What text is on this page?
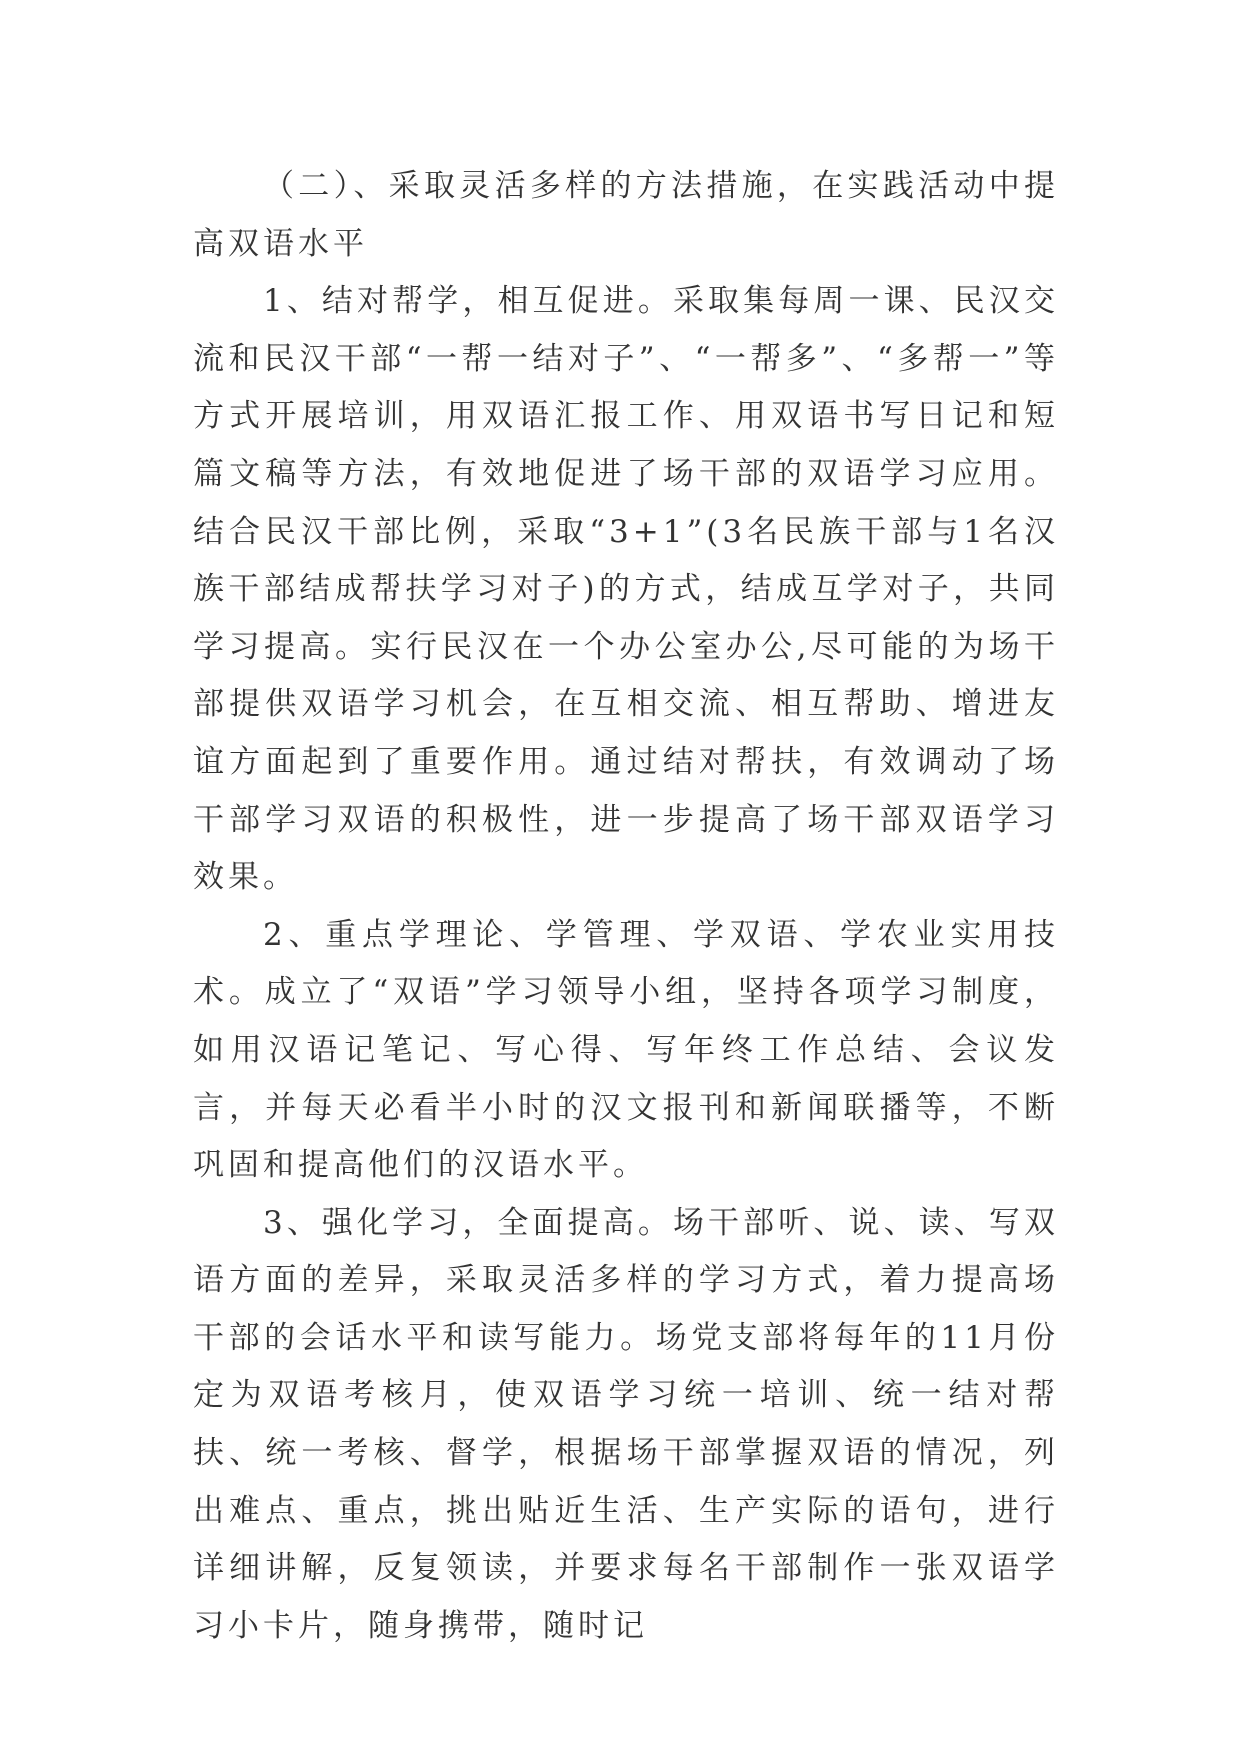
（二）、采取灵活多样的方法措施，在实践活动中提高双语水平

1、结对帮学，相互促进。采取集每周一课、民汉交流和民汉干部“一帮一结对子”、“一帮多”、“多帮一”等方式开展培训，用双语汇报工作、用双语书写日记和短篇文稿等方法，有效地促进了场干部的双语学习应用。结合民汉干部比例，采取“3+1”(3名民族干部与1名汉族干部结成帮扶学习对子)的方式，结成互学对子，共同学习提高。实行民汉在一个办公室办公,尽可能的为场干部提供双语学习机会，在互相交流、相互帮助、增进友谊方面起到了重要作用。通过结对帮扶，有效调动了场干部学习双语的积极性，进一步提高了场干部双语学习效果。

2、重点学理论、学管理、学双语、学农业实用技术。成立了“双语”学习领导小组，坚持各项学习制度，如用汉语记笔记、写心得、写年终工作总结、会议发言，并每天必看半小时的汉文报刊和新闻联播等，不断巩固和提高他们的汉语水平。

3、强化学习，全面提高。场干部听、说、读、写双语方面的差异，采取灵活多样的学习方式，着力提高场干部的会话水平和读写能力。场党支部将每年的11月份定为双语考核月，使双语学习统一培训、统一结对帮扶、统一考核、督学，根据场干部掌握双语的情况，列出难点、重点，挑出贴近生活、生产实际的语句，进行详细讲解，反复领读，并要求每名干部制作一张双语学习小卡片，随身携带，随时记
